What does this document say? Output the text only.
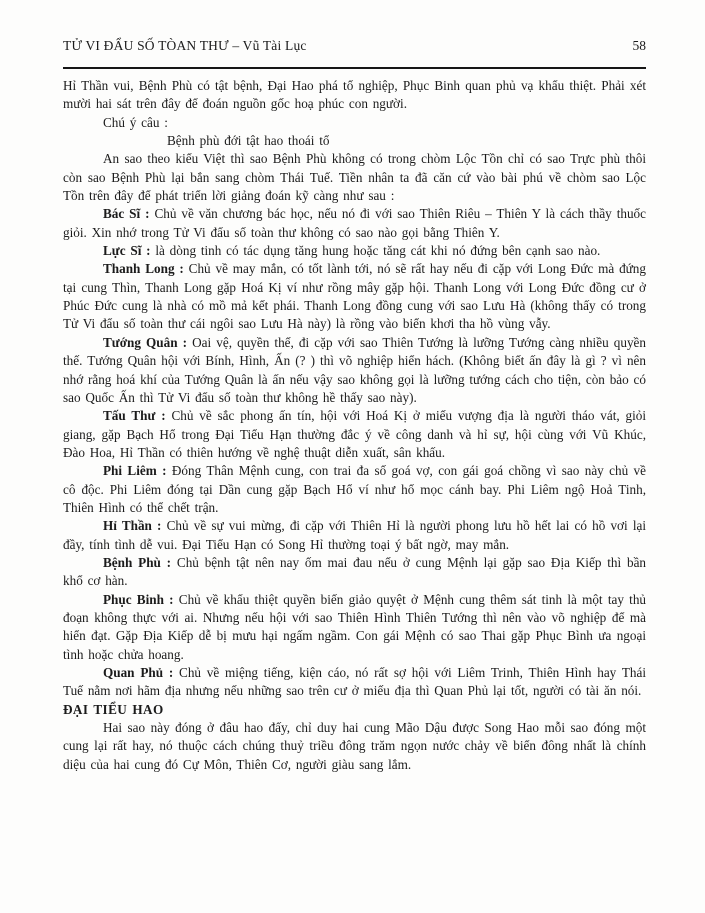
TỬ VI ĐẨU SỐ TÒAN THƯ – Vũ Tài Lục	58

Hỉ Thần vui, Bệnh Phù có tật bệnh, Đại Hao phá tổ nghiệp, Phục Binh quan phủ vạ khẩu thiệt. Phải xét mười hai sát trên đây để đoán nguồn gốc hoạ phúc con người.

Chú ý câu :

Bệnh phù đới tật hao thoái tổ

An sao theo kiểu Việt thì sao Bệnh Phù không có trong chòm Lộc Tồn chỉ có sao Trực phù thôi còn sao Bệnh Phù lại bắn sang chòm Thái Tuế. Tiền nhân ta đã căn cứ vào bài phú về chòm sao Lộc Tồn trên đây để phát triển lời giảng đoán kỹ càng như sau :

Bác Sĩ : Chủ về văn chương bác học, nếu nó đi với sao Thiên Riêu – Thiên Y là cách thầy thuốc giỏi. Xin nhớ trong Tử Vi đẩu số toàn thư không có sao nào gọi bằng Thiên Y.

Lực Sĩ : là dòng tinh có tác dụng tăng hung hoặc tăng cát khi nó đứng bên cạnh sao nào.

Thanh Long : Chủ về may mắn, có tốt lành tới, nó sẽ rất hay nếu đi cặp với Long Đức mà đứng tại cung Thìn, Thanh Long gặp Hoá Kị ví như rồng mây gặp hội. Thanh Long với Long Đức đồng cư ở Phúc Đức cung là nhà có mồ mả kết phái. Thanh Long đồng cung với sao Lưu Hà (không thấy có trong Tử Vi đẩu số toàn thư cái ngôi sao Lưu Hà này) là rồng vào biển khơi tha hồ vùng vẫy.

Tướng Quân : Oai vệ, quyền thế, đi cặp với sao Thiên Tướng là lưỡng Tướng càng nhiều quyền thế. Tướng Quân hội với Bính, Hình, Ấn (? ) thì võ nghiệp hiển hách. (Không biết ấn đây là gì ? vì nên nhớ rằng hoá khí của Tướng Quân là ấn nếu vậy sao không gọi là lưỡng tướng cách cho tiện, còn bảo có sao Quốc Ấn thì Tử Vi đẩu số toàn thư không hề thấy sao này).

Tấu Thư : Chủ về sắc phong ấn tín, hội với Hoá Kị ở miếu vượng địa là người tháo vát, giỏi giang, gặp Bạch Hổ trong Đại Tiểu Hạn thường đắc ý về công danh và hỉ sự, hội cùng với Vũ Khúc, Đào Hoa, Hỉ Thần có thiên hướng về nghệ thuật diễn xuất, sân khấu.

Phi Liêm : Đóng Thân Mệnh cung, con trai đa số goá vợ, con gái goá chồng vì sao này chủ về cô độc. Phi Liêm đóng tại Dần cung gặp Bạch Hổ ví như hổ mọc cánh bay. Phi Liêm ngộ Hoả Tinh, Thiên Hình có thể chết trận.

Hỉ Thần : Chủ về sự vui mừng, đi cặp với Thiên Hỉ là người phong lưu hồ hết lai có hồ vơi lại đầy, tính tình dễ vui. Đại Tiểu Hạn có Song Hỉ thường toại ý bất ngờ, may mắn.

Bệnh Phù : Chủ bệnh tật nên nay ốm mai đau nếu ở cung Mệnh lại gặp sao Địa Kiếp thì bần khổ cơ hàn.

Phục Binh : Chủ về khẩu thiệt quyền biến giảo quyệt ở Mệnh cung thêm sát tinh là một tay thủ đoạn không thực với ai. Nhưng nếu hội với sao Thiên Hình Thiên Tướng thì nên vào võ nghiệp để mà hiển đạt. Gặp Địa Kiếp dễ bị mưu hại ngấm ngầm. Con gái Mệnh có sao Thai gặp Phục Bình ưa ngoại tình hoặc chửa hoang.

Quan Phủ : Chủ về miệng tiếng, kiện cáo, nó rất sợ hội với Liêm Trinh, Thiên Hình hay Thái Tuế nằm nơi hãm địa nhưng nếu những sao trên cư ở miếu địa thì Quan Phủ lại tốt, người có tài ăn nói.

ĐẠI TIỂU HAO

Hai sao này đóng ở đâu hao đấy, chỉ duy hai cung Mão Dậu được Song Hao mỗi sao đóng một cung lại rất hay, nó thuộc cách chúng thuỷ triều đông trăm ngọn nước chảy về biển đông nhất là chính diệu của hai cung đó Cự Môn, Thiên Cơ, người giàu sang lắm.
